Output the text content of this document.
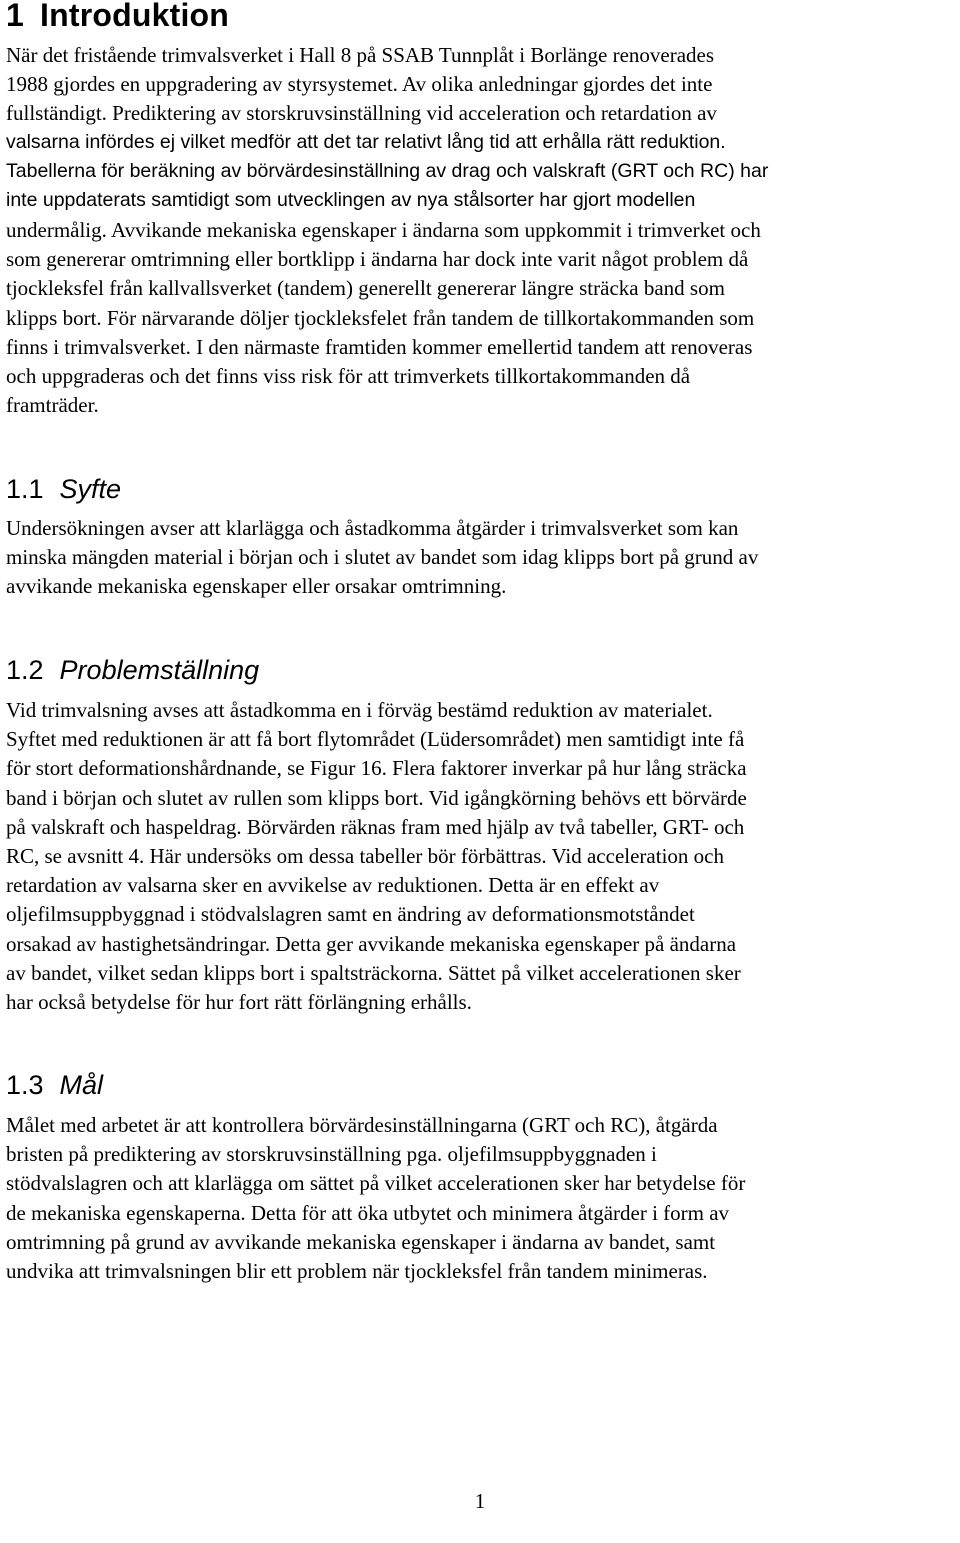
1 Introduktion

När det fristående trimvalsverket i Hall 8 på SSAB Tunnplåt i Borlänge renoverades
1988 gjordes en uppgradering av styrsystemet. Av olika anledningar gjordes det inte
fullständigt. Prediktering av storskruvsinställning vid acceleration och retardation av

valsarna infördes ej vilket medför att det tar relativt lång tid att erhålla rätt reduktion.
Tabellerna för beräkning av börvärdesinställning av drag och valskraft (GRT och RC) har
inte uppdaterats samtidigt som utvecklingen av nya stålsorter har gjort modellen

undermålig. Avvikande mekaniska egenskaper i ändarna som uppkommit i trimverket och
som genererar omtrimning eller bortklipp i ändarna har dock inte varit något problem då
tjockleksfel från kallvallsverket (tandem) generellt genererar längre sträcka band som
klipps bort. För närvarande döljer tjockleksfelet från tandem de tillkortakommanden som
finns i trimvalsverket. I den närmaste framtiden kommer emellertid tandem att renoveras
och uppgraderas och det finns viss risk för att trimverkets tillkortakommanden då
framträder.

1.1 Syfte

Undersökningen avser att klarlägga och åstadkomma åtgärder i trimvalsverket som kan
minska mängden material i början och i slutet av bandet som idag klipps bort på grund av
avvikande mekaniska egenskaper eller orsakar omtrimning.

1.2 Problemställning

Vid trimvalsning avses att åstadkomma en i förväg bestämd reduktion av materialet.
Syftet med reduktionen är att få bort flytområdet (Lüdersområdet) men samtidigt inte få
för stort deformationshårdnande, se Figur 16. Flera faktorer inverkar på hur lång sträcka
band i början och slutet av rullen som klipps bort. Vid igångkörning behövs ett börvärde
på valskraft och haspeldrag. Börvärden räknas fram med hjälp av två tabeller, GRT- och
RC, se avsnitt 4. Här undersöks om dessa tabeller bör förbättras. Vid acceleration och
retardation av valsarna sker en avvikelse av reduktionen. Detta är en effekt av
oljefilmsuppbyggnad i stödvalslagren samt en ändring av deformationsmotståndet
orsakad av hastighetsändringar. Detta ger avvikande mekaniska egenskaper på ändarna
av bandet, vilket sedan klipps bort i spaltsträckorna. Sättet på vilket accelerationen sker
har också betydelse för hur fort rätt förlängning erhålls.

1.3 Mål

Målet med arbetet är att kontrollera börvärdesinställningarna (GRT och RC), åtgärda
bristen på prediktering av storskruvsinställning pga. oljefilmsuppbyggnaden i
stödvalslagren och att klarlägga om sättet på vilket accelerationen sker har betydelse för
de mekaniska egenskaperna. Detta för att öka utbytet och minimera åtgärder i form av
omtrimning på grund av avvikande mekaniska egenskaper i ändarna av bandet, samt
undvika att trimvalsningen blir ett problem när tjockleksfel från tandem minimeras.

1
